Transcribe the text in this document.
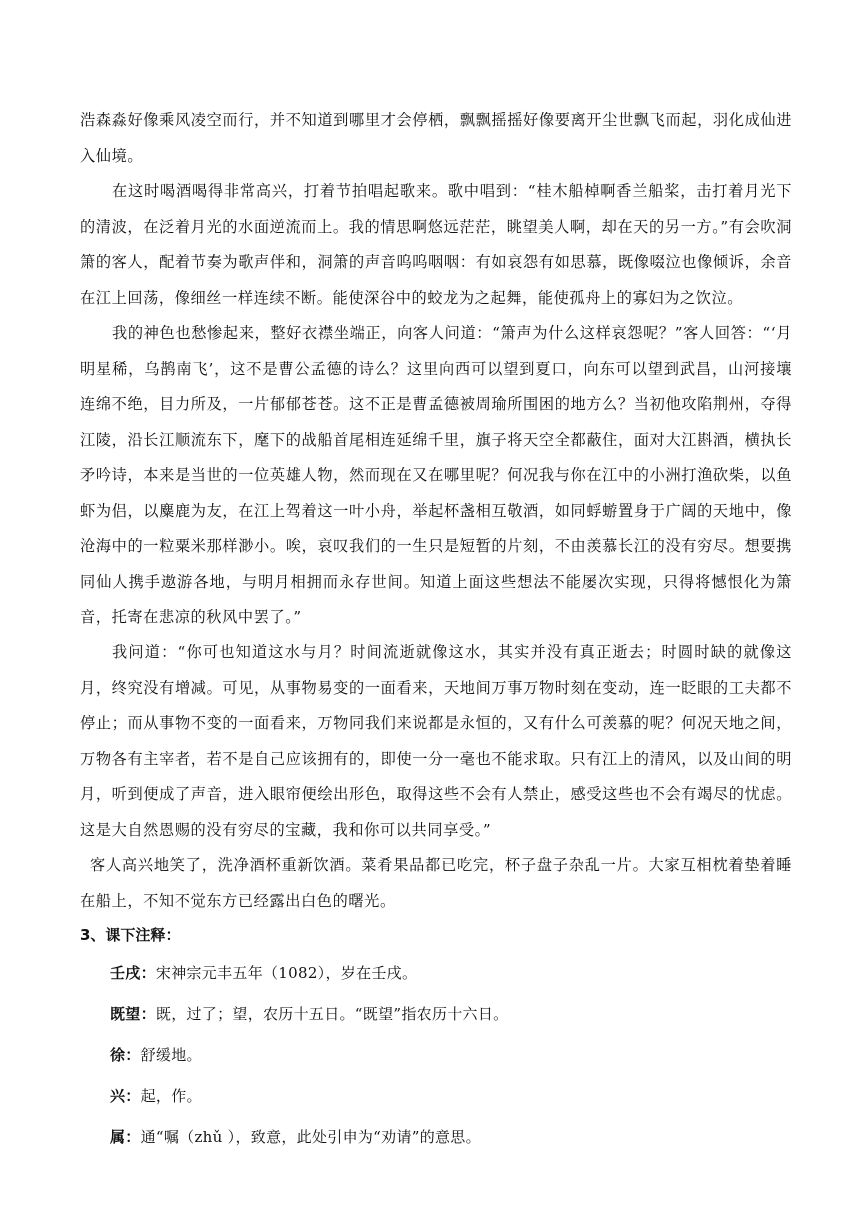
浩森淼好像乘风凌空而行，并不知道到哪里才会停栖，飘飘摇摇好像要离开尘世飘飞而起，羽化成仙进入仙境。

在这时喝酒喝得非常高兴，打着节拍唱起歌来。歌中唱到：“桂木船棹啊香兰船桨，击打着月光下的清波，在泛着月光的水面逆流而上。我的情思啊悠远茫茫，眺望美人啊，却在天的另一方。”有会吹洞箫的客人，配着节奏为歌声伴和，洞箫的声音呜呜咽咽：有如哀怨有如思慕，既像啜泣也像倾诉，余音在江上回荡，像细丝一样连续不断。能使深谷中的蛟龙为之起舞，能使孤舟上的寡妇为之饮泣。

我的神色也愁惨起来，整好衣襟坐端正，向客人问道：“箫声为什么这样哀怨呢？”客人回答：“‘月明星稀，乌鹊南飞’，这不是曹公孟德的诗么？这里向西可以望到夏口，向东可以望到武昌，山河接壤连绵不绝，目力所及，一片郁郁苍苍。这不正是曹孟德被周瑜所围困的地方么？当初他攻陷荆州，夺得江陵，沿长江顺流东下，麾下的战船首尾相连延绵千里，旗子将天空全都蔽住，面对大江斟酒，横执长矛吟诗，本来是当世的一位英雄人物，然而现在又在哪里呢？何况我与你在江中的小洲打渔砍柴，以鱼虾为侣，以麋鹿为友，在江上驾着这一叶小舟，举起杯盏相互敬酒，如同蜉蝣置身于广阔的天地中，像沧海中的一粒粟米那样渺小。唉，哀叹我们的一生只是短暂的片刻，不由羡慕长江的没有穷尽。想要携同仙人携手遨游各地，与明月相拥而永存世间。知道上面这些想法不能屡次实现，只得将憾恨化为箫音，托寄在悲凉的秋风中罢了。”

我问道：“你可也知道这水与月？时间流逝就像这水，其实并没有真正逝去；时圆时缺的就像这月，终究没有增减。可见，从事物易变的一面看来，天地间万事万物时刻在变动，连一眨眼的工夫都不停止；而从事物不变的一面看来，万物同我们来说都是永恒的，又有什么可羡慕的呢？何况天地之间，万物各有主宰者，若不是自己应该拥有的，即使一分一毫也不能求取。只有江上的清风，以及山间的明月，听到便成了声音，进入眼帘便绘出形色，取得这些不会有人禁止，感受这些也不会有竭尽的忧虑。这是大自然恩赐的没有穷尽的宝藏，我和你可以共同享受。”

客人高兴地笑了，洗净酒杯重新饮酒。菜肴果品都已吃完，杯子盘子杂乱一片。大家互相枕着垫着睡在船上，不知不觉东方已经露出白色的曙光。

3、课下注释：

壬戌：宋神宗元丰五年（1082），岁在壬戌。

既望：既，过了；望，农历十五日。“既望”指农历十六日。

徐：舒缓地。

兴：起，作。

属：通“嘱（zhǔ ），致意，此处引申为“劝请”的意思。
